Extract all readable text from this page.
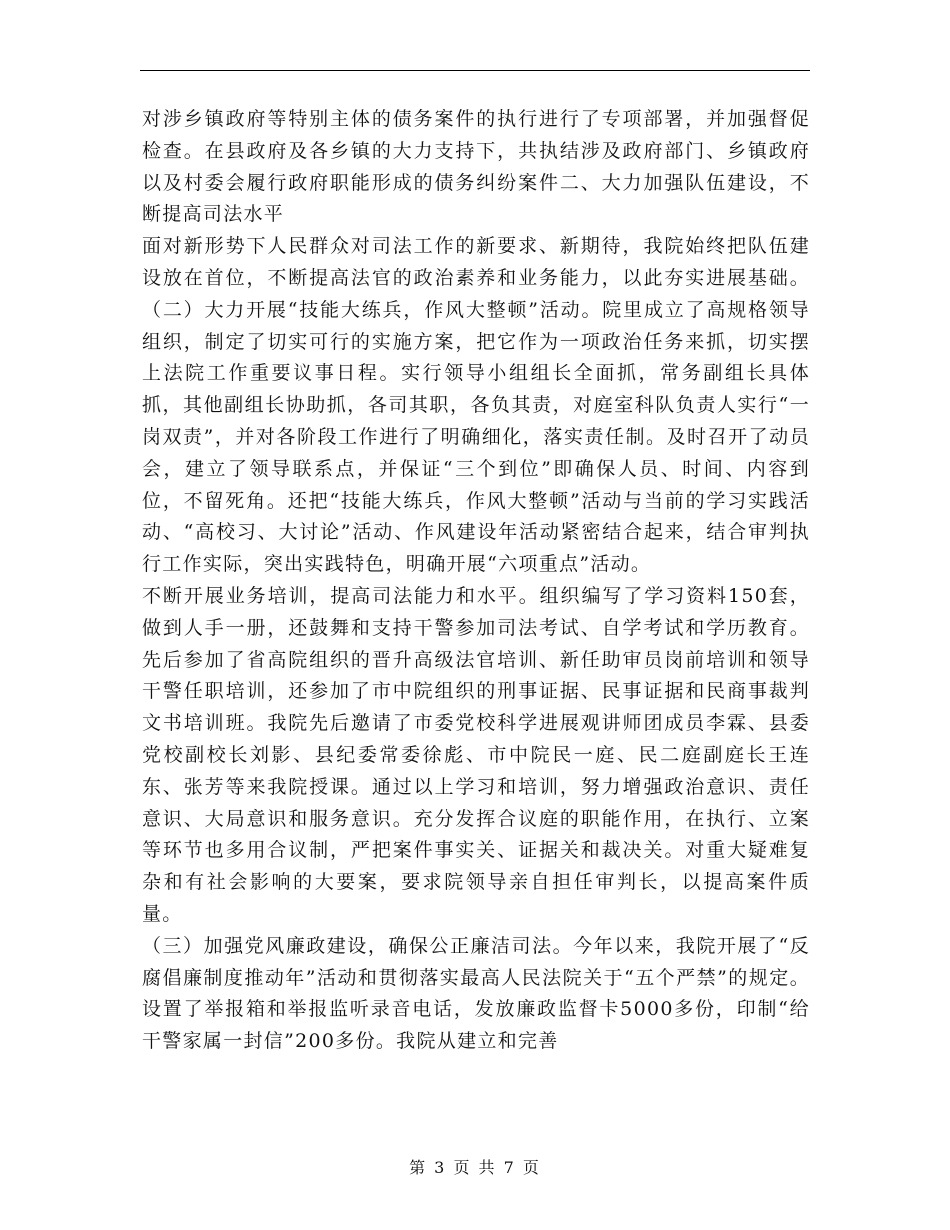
对涉乡镇政府等特别主体的债务案件的执行进行了专项部署，并加强督促检查。在县政府及各乡镇的大力支持下，共执结涉及政府部门、乡镇政府以及村委会履行政府职能形成的债务纠纷案件二、大力加强队伍建设，不断提高司法水平

面对新形势下人民群众对司法工作的新要求、新期待，我院始终把队伍建设放在首位，不断提高法官的政治素养和业务能力，以此夯实进展基础。（二）大力开展“技能大练兵，作风大整顿”活动。院里成立了高规格领导组织，制定了切实可行的实施方案，把它作为一项政治任务来抓，切实摆上法院工作重要议事日程。实行领导小组组长全面抓，常务副组长具体抓，其他副组长协助抓，各司其职，各负其责，对庭室科队负责人实行“一岗双责”，并对各阶段工作进行了明确细化，落实责任制。及时召开了动员会，建立了领导联系点，并保证“三个到位”即确保人员、时间、内容到位，不留死角。还把“技能大练兵，作风大整顿”活动与当前的学习实践活动、“高校习、大讨论”活动、作风建设年活动紧密结合起来，结合审判执行工作实际，突出实践特色，明确开展“六项重点”活动。

不断开展业务培训，提高司法能力和水平。组织编写了学习资料150套，做到人手一册，还鼓舞和支持干警参加司法考试、自学考试和学历教育。先后参加了省高院组织的晋升高级法官培训、新任助审员岗前培训和领导干警任职培训，还参加了市中院组织的刑事证据、民事证据和民商事裁判文书培训班。我院先后邀请了市委党校科学进展观讲师团成员李霖、县委党校副校长刘影、县纪委常委徐彪、市中院民一庭、民二庭副庭长王连东、张芳等来我院授课。通过以上学习和培训，努力增强政治意识、责任意识、大局意识和服务意识。充分发挥合议庭的职能作用，在执行、立案等环节也多用合议制，严把案件事实关、证据关和裁决关。对重大疑难复杂和有社会影响的大要案，要求院领导亲自担任审判长，以提高案件质量。

（三）加强党风廉政建设，确保公正廉洁司法。今年以来，我院开展了“反腐倡廉制度推动年”活动和贯彻落实最高人民法院关于“五个严禁”的规定。设置了举报箱和举报监听录音电话，发放廉政监督卡5000多份，印制“给干警家属一封信”200多份。我院从建立和完善

第 3 页 共 7 页
